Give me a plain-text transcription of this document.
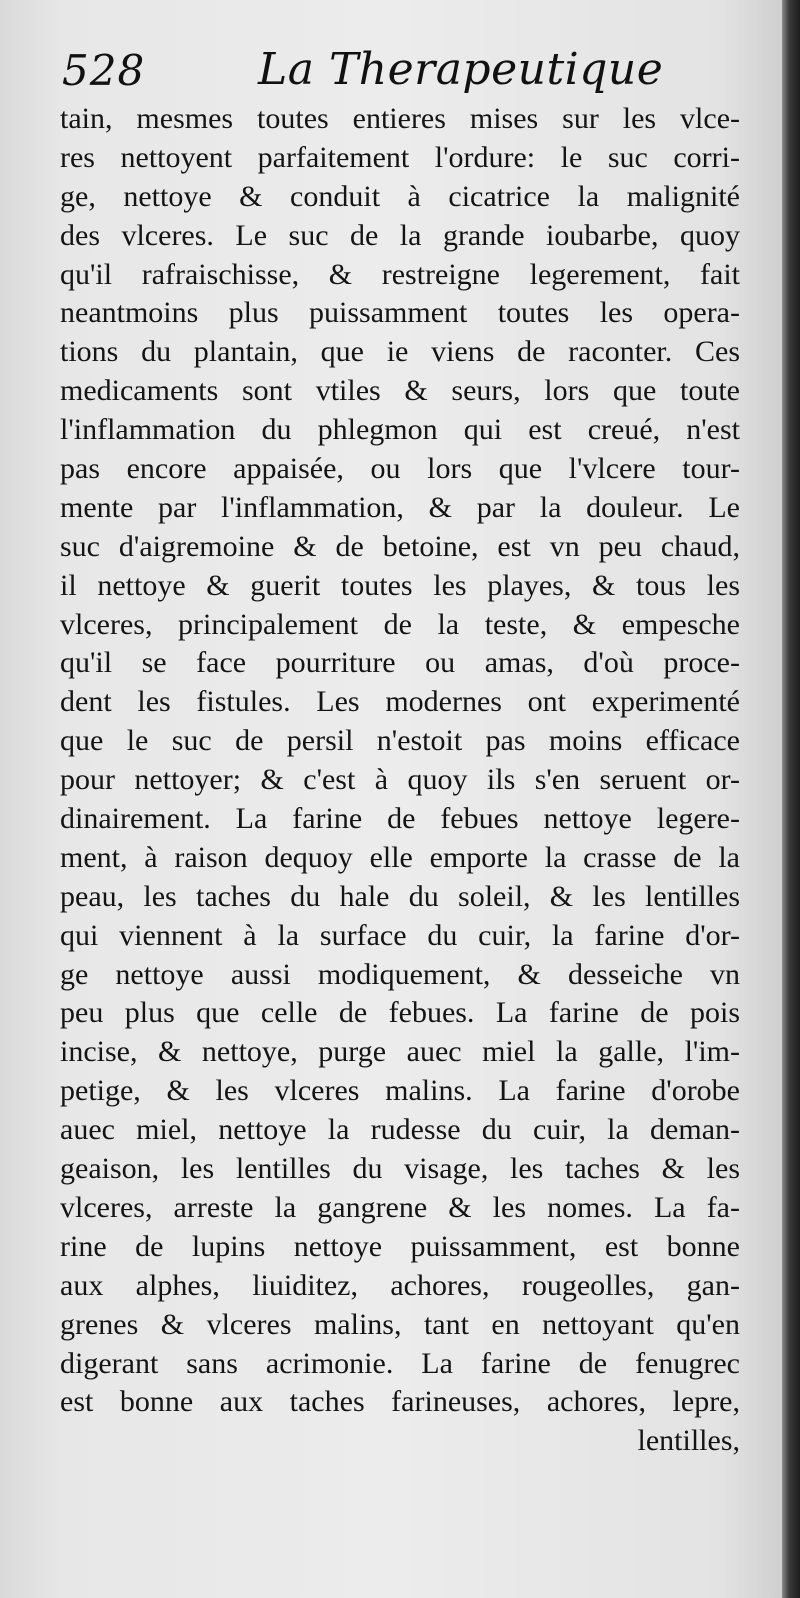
528	La Therapeutique
tain, mesmes toutes entieres mises sur les vlce-
res nettoyent parfaitement l'ordure: le suc corri-
ge, nettoye & conduit à cicatrice la malignité
des vlceres. Le suc de la grande ioubarbe, quoy
qu'il rafraischisse, & restreigne legerement, fait
neantmoins plus puissamment toutes les opera-
tions du plantain, que ie viens de raconter. Ces
medicaments sont vtiles & seurs, lors que toute
l'inflammation du phlegmon qui est creué, n'est
pas encore appaisée, ou lors que l'vlcere tour-
mente par l'inflammation, & par la douleur. Le
suc d'aigremoine & de betoine, est vn peu chaud,
il nettoye & guerit toutes les playes, & tous les
vlceres, principalement de la teste, & empesche
qu'il se face pourriture ou amas, d'où proce-
dent les fistules. Les modernes ont experimenté
que le suc de persil n'estoit pas moins efficace
pour nettoyer; & c'est à quoy ils s'en seruent or-
dinairement. La farine de febues nettoye legere-
ment, à raison dequoy elle emporte la crasse de la
peau, les taches du hale du soleil, & les lentilles
qui viennent à la surface du cuir, la farine d'or-
ge nettoye aussi modiquement, & desseiche vn
peu plus que celle de febues. La farine de pois
incise, & nettoye, purge auec miel la galle, l'im-
petige, & les vlceres malins. La farine d'orobe
auec miel, nettoye la rudesse du cuir, la deman-
geaison, les lentilles du visage, les taches & les
vlceres, arreste la gangrene & les nomes. La fa-
rine de lupins nettoye puissamment, est bonne
aux alphes, liuiditez, achores, rougeolles, gan-
grenes & vlceres malins, tant en nettoyant qu'en
digerant sans acrimonie. La farine de fenugrec
est bonne aux taches farineuses, achores, lepre,
lentilles,
